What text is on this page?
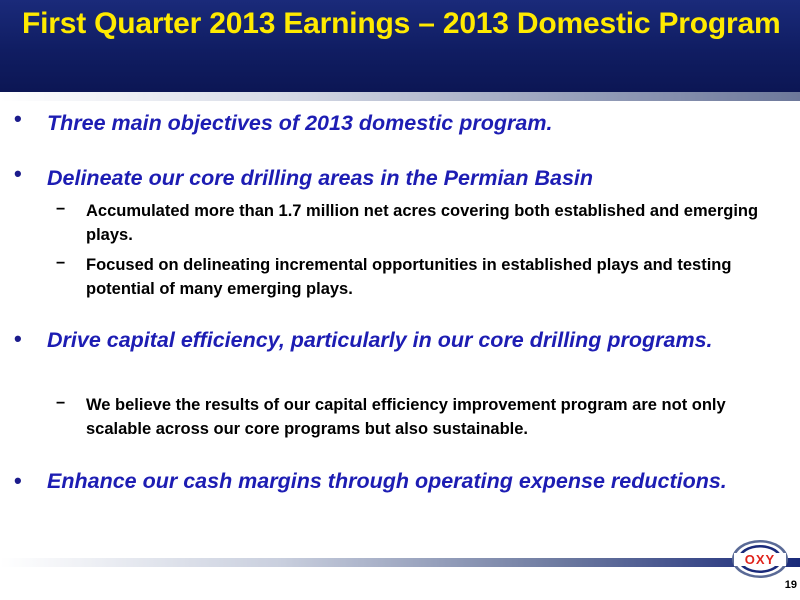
First Quarter 2013 Earnings – 2013 Domestic Program
•	Three main objectives of 2013 domestic program.
•	Delineate our core drilling areas in the Permian Basin
−	Accumulated more than 1.7 million net acres covering both established and emerging plays.
−	Focused on delineating incremental opportunities in established plays and testing potential of many emerging plays.
•	Drive capital efficiency, particularly in our core drilling programs.
−	We believe the results of our capital efficiency improvement program are not only scalable across our core programs but also sustainable.
•	Enhance our cash margins through operating expense reductions.
OXY
19
